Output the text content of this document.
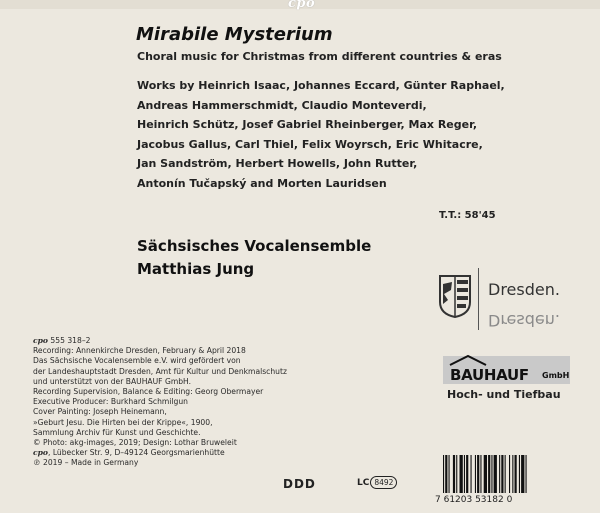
cpo
Mirabile Mysterium
Choral music for Christmas from different countries & eras
Works by Heinrich Isaac, Johannes Eccard, Günter Raphael,
Andreas Hammerschmidt, Claudio Monteverdi,
Heinrich Schütz, Josef Gabriel Rheinberger, Max Reger,
Jacobus Gallus, Carl Thiel, Felix Woyrsch, Eric Whitacre,
Jan Sandström, Herbert Howells, John Rutter,
Antonín Tučapský and Morten Lauridsen
T.T.: 58'45
Sächsisches Vocalensemble
Matthias Jung
Dresden.
Dresden.
cpo 555 318–2
Recording: Annenkirche Dresden, February & April 2018
Das Sächsische Vocalensemble e.V. wird gefördert von
der Landeshauptstadt Dresden, Amt für Kultur und Denkmalschutz
und unterstützt von der BAUHAUF GmbH.
Recording Supervision, Balance & Editing: Georg Obermayer
Executive Producer: Burkhard Schmilgun
Cover Painting: Joseph Heinemann,
»Geburt Jesu. Die Hirten bei der Krippe«, 1900,
Sammlung Archiv für Kunst und Geschichte.
© Photo: akg-images, 2019; Design: Lothar Bruweleit
cpo, Lübecker Str. 9, D–49124 Georgsmarienhütte
℗ 2019 – Made in Germany
BAUHAUF GmbH
Hoch- und Tiefbau
DDD	LC 8492
7 61203 53182 0
